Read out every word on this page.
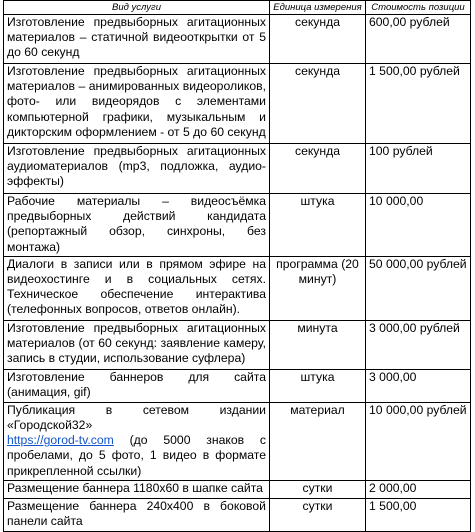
Вид услуги	Единица измерения	Стоимость позиции
Изготовление предвыборных агитационных материалов – статичной видеооткрытки от 5 до 60 секунд	секунда	600,00 рублей
Изготовление предвыборных агитационных материалов – анимированных видеороликов, фото- или видеорядов с элементами компьютерной графики, музыкальным и дикторским оформлением - от 5 до 60 секунд	секунда	1 500,00 рублей
Изготовление предвыборных агитационных аудиоматериалов (mp3, подложка, аудио-эффекты)	секунда	100 рублей
Рабочие материалы – видеосъёмка предвыборных действий кандидата (репортажный обзор, синхроны, без монтажа)	штука	10 000,00
Диалоги в записи или в прямом эфире на видеохостинге и в социальных сетях. Техническое обеспечение интерактива (телефонных вопросов, ответов онлайн).	программа (20 минут)	50 000,00 рублей
Изготовление предвыборных агитационных материалов (от 60 секунд: заявление камеру, запись в студии, использование суфлера)	минута	3 000,00 рублей
Изготовление баннеров для сайта (анимация, gif)	штука	3 000,00
Публикация в сетевом издании «Городской32»
https://gorod-tv.com (до 5000 знаков с пробелами, до 5 фото, 1 видео в формате прикрепленной ссылки)	материал	10 000,00 рублей
Размещение баннера 1180х60 в шапке сайта	сутки	2 000,00
Размещение баннера 240х400 в боковой панели сайта	сутки	1 500,00
